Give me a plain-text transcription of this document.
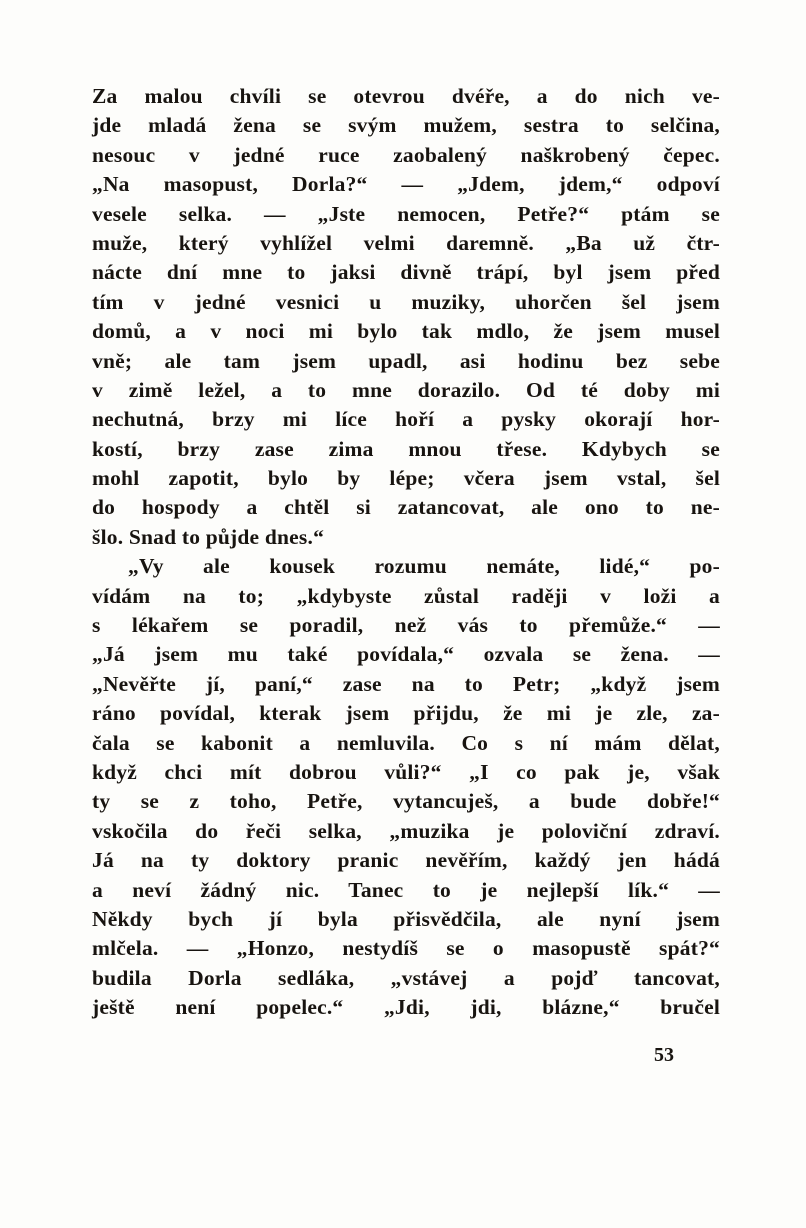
Za malou chvíli se otevrou dvéře, a do nich ve-
jde mladá žena se svým mužem, sestra to selčina,
nesouc v jedné ruce zaobalený naškrobený čepec.
„Na masopust, Dorla?“ — „Jdem, jdem,“ odpoví
vesele selka. — „Jste nemocen, Petře?“ ptám se
muže, který vyhlížel velmi daremně. „Ba už čtr-
nácte dní mne to jaksi divně trápí, byl jsem před
tím v jedné vesnici u muziky, uhorčen šel jsem
domů, a v noci mi bylo tak mdlo, že jsem musel
vně; ale tam jsem upadl, asi hodinu bez sebe
v zimě ležel, a to mne dorazilo. Od té doby mi
nechutná, brzy mi líce hoří a pysky okorají hor-
kostí, brzy zase zima mnou třese. Kdybych se
mohl zapotit, bylo by lépe; včera jsem vstal, šel
do hospody a chtěl si zatancovat, ale ono to ne-
šlo. Snad to půjde dnes.“
„Vy ale kousek rozumu nemáte, lidé,“ po-
vídám na to; „kdybyste zůstal raději v loži a
s lékařem se poradil, než vás to přemůže.“ —
„Já jsem mu také povídala,“ ozvala se žena. —
„Nevěřte jí, paní,“ zase na to Petr; „když jsem
ráno povídal, kterak jsem přijdu, že mi je zle, za-
čala se kabonit a nemluvila. Co s ní mám dělat,
když chci mít dobrou vůli?“ „I co pak je, však
ty se z toho, Petře, vytancuješ, a bude dobře!“
vskočila do řeči selka, „muzika je poloviční zdraví.
Já na ty doktory pranic nevěřím, každý jen hádá
a neví žádný nic. Tanec to je nejlepší lík.“ —
Někdy bych jí byla přisvědčila, ale nyní jsem
mlčela. — „Honzo, nestydíš se o masopustě spát?“
budila Dorla sedláka, „vstávej a pojď tancovat,
ještě není popelec.“ „Jdi, jdi, blázne,“ bručel
53
